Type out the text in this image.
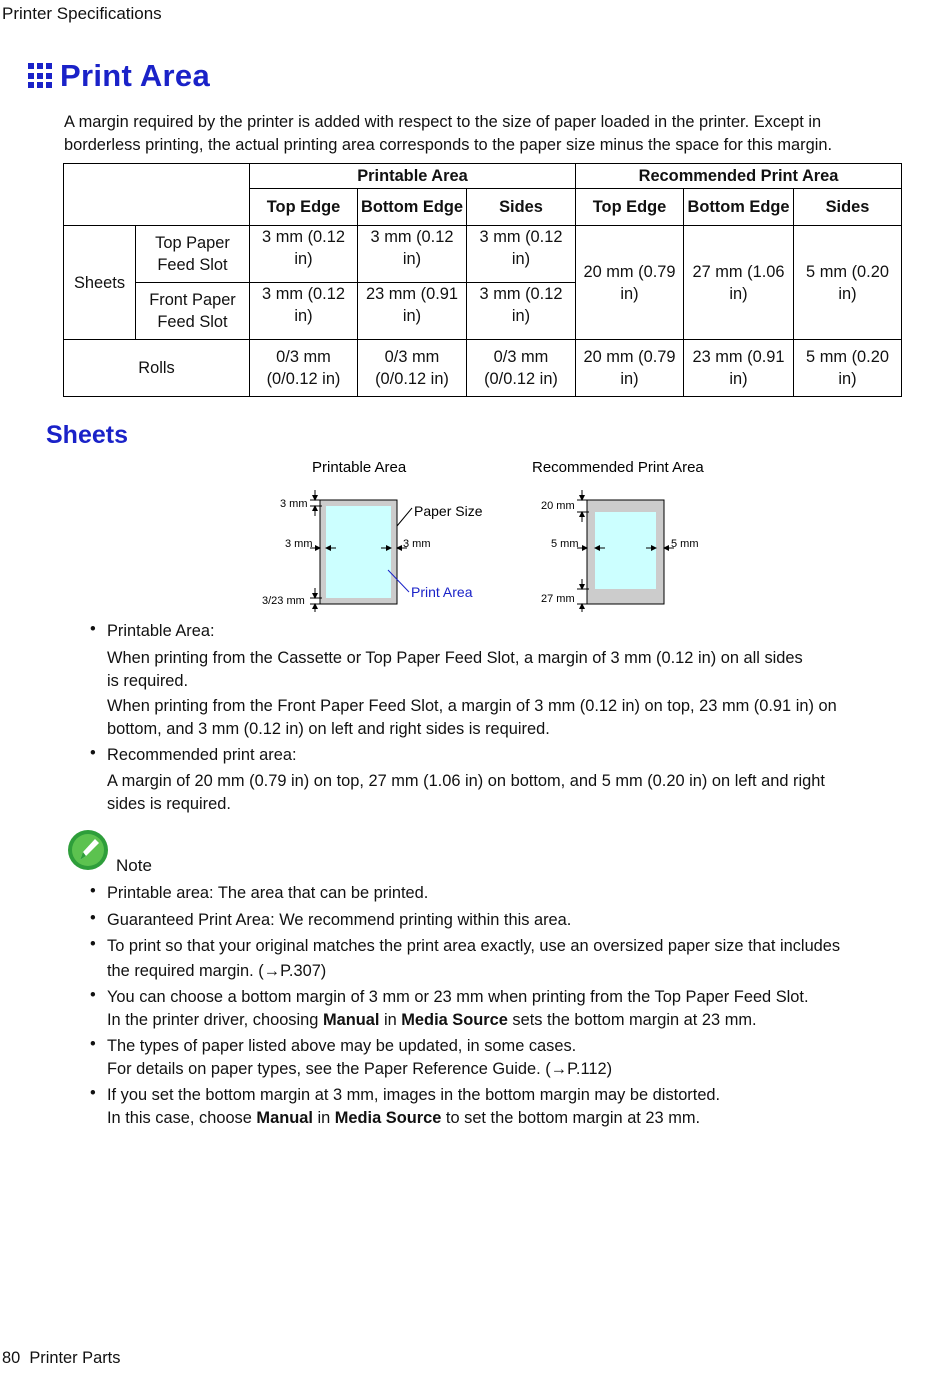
Printer Specifications
Print Area
A margin required by the printer is added with respect to the size of paper loaded in the printer. Except in borderless printing, the actual printing area corresponds to the paper size minus the space for this margin.
		Printable Area			Recommended Print Area		
		Top Edge	Bottom Edge	Sides	Top Edge	Bottom Edge	Sides
Sheets	Top Paper Feed Slot	3 mm (0.12 in)	3 mm (0.12 in)	3 mm (0.12 in)	20 mm (0.79 in)	27 mm (1.06 in)	5 mm (0.20 in)
	Front Paper Feed Slot	3 mm (0.12 in)	23 mm (0.91 in)	3 mm (0.12 in)			
Rolls		0/3 mm (0/0.12 in)	0/3 mm (0/0.12 in)	0/3 mm (0/0.12 in)	20 mm (0.79 in)	23 mm (0.91 in)	5 mm (0.20 in)
Sheets
Printable Area	Recommended Print Area
3 mm
3 mm	3 mm
3/23 mm
Paper Size
Print Area
20 mm
5 mm	5 mm
27 mm
• Printable Area:
When printing from the Cassette or Top Paper Feed Slot, a margin of 3 mm (0.12 in) on all sides
is required.
When printing from the Front Paper Feed Slot, a margin of 3 mm (0.12 in) on top, 23 mm (0.91 in) on
bottom, and 3 mm (0.12 in) on left and right sides is required.
• Recommended print area:
A margin of 20 mm (0.79 in) on top, 27 mm (1.06 in) on bottom, and 5 mm (0.20 in) on left and right
sides is required.
Note
• Printable area: The area that can be printed.
• Guaranteed Print Area: We recommend printing within this area.
• To print so that your original matches the print area exactly, use an oversized paper size that includes
the required margin. (→P.307)
• You can choose a bottom margin of 3 mm or 23 mm when printing from the Top Paper Feed Slot.
In the printer driver, choosing Manual in Media Source sets the bottom margin at 23 mm.
• The types of paper listed above may be updated, in some cases.
For details on paper types, see the Paper Reference Guide. (→P.112)
• If you set the bottom margin at 3 mm, images in the bottom margin may be distorted.
In this case, choose Manual in Media Source to set the bottom margin at 23 mm.
80 Printer Parts
